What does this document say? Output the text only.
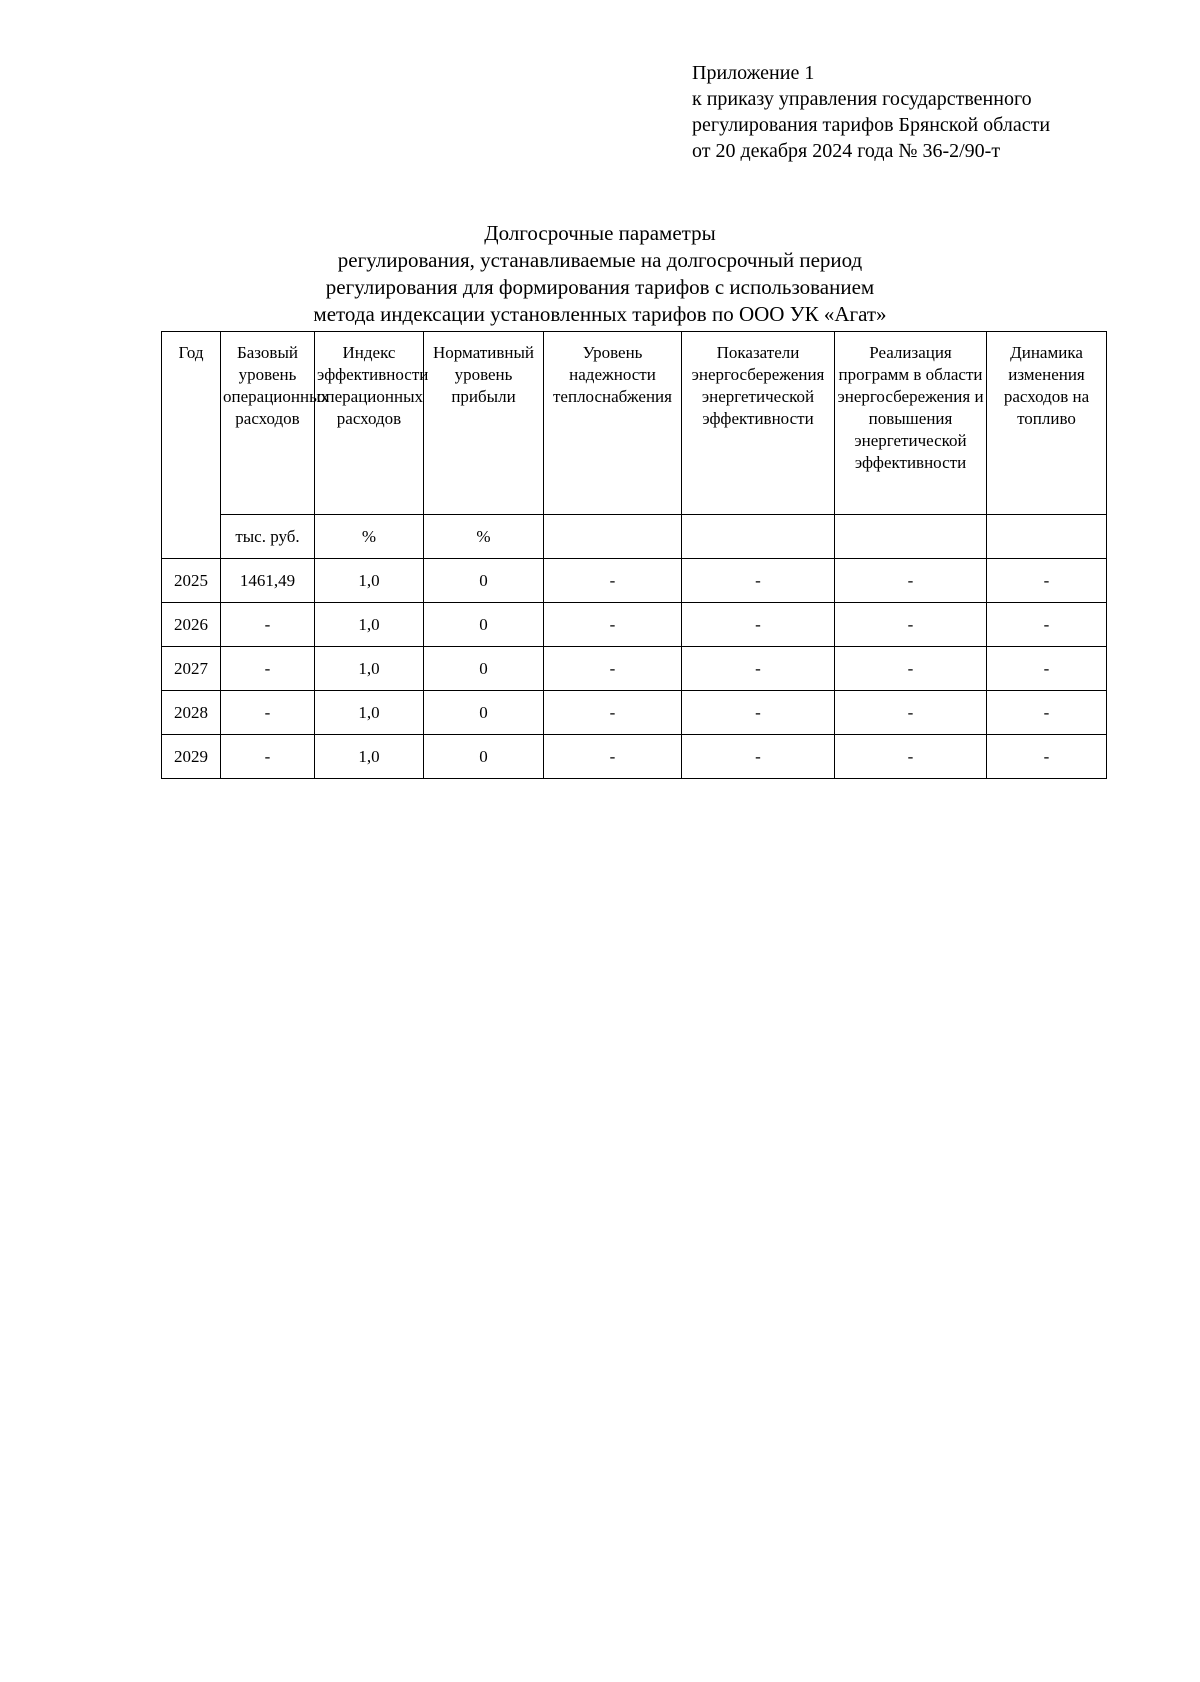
Приложение 1
к приказу управления государственного
регулирования тарифов Брянской области
от 20 декабря 2024 года № 36-2/90-т
Долгосрочные параметры
регулирования, устанавливаемые на долгосрочный период
регулирования для формирования тарифов с использованием
метода индексации установленных тарифов по ООО УК «Агат»
Год	Базовый уровень операционных расходов	Индекс эффективности операционных расходов	Нормативный уровень прибыли	Уровень надежности теплоснабжения	Показатели энергосбережения энергетической эффективности	Реализация программ в области энергосбережения и повышения энергетической эффективности	Динамика изменения расходов на топливо
	тыс. руб.	%	%				
2025	1461,49	1,0	0	-	-	-	-
2026	-	1,0	0	-	-	-	-
2027	-	1,0	0	-	-	-	-
2028	-	1,0	0	-	-	-	-
2029	-	1,0	0	-	-	-	-
